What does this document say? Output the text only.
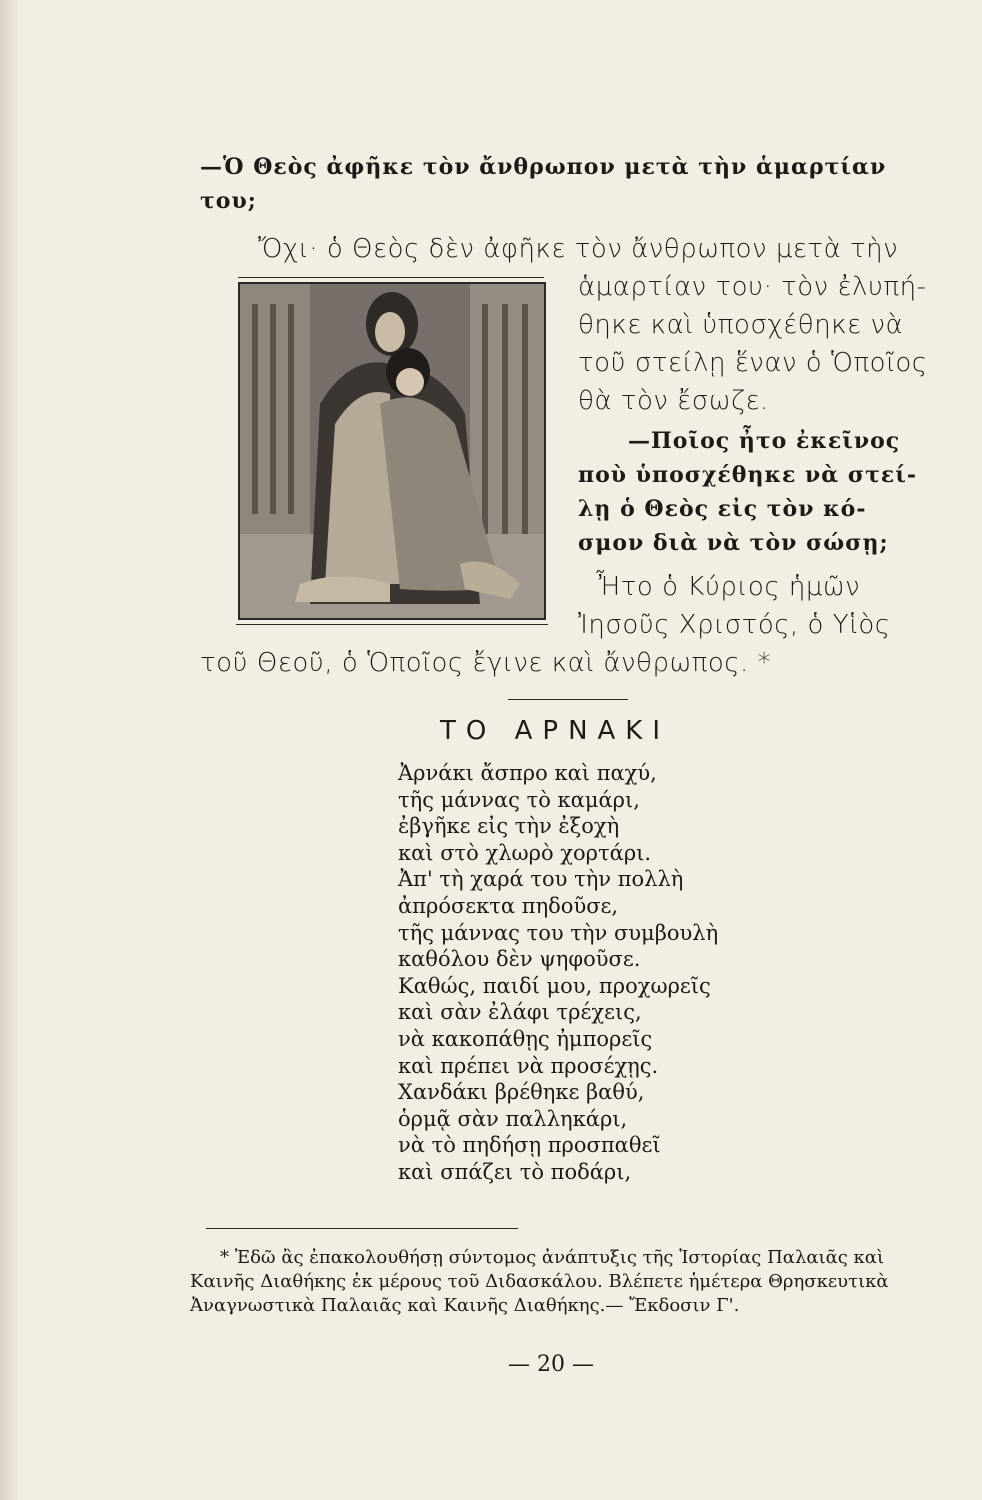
—Ὁ Θεὸς ἀφῆκε τὸν ἄνθρωπον μετὰ τὴν ἁμαρτίαν του;

Ὄχι· ὁ Θεὸς δὲν ἀφῆκε τὸν ἄνθρωπον μετὰ τὴν

ἁμαρτίαν του· τὸν ἐλυπή-

θηκε καὶ ὑποσχέθηκε νὰ

τοῦ στείλῃ ἕναν ὁ Ὁποῖος

θὰ τὸν ἔσωζε.

—Ποῖος ἦτο ἐκεῖνος

ποὺ ὑποσχέθηκε νὰ στεί-

λῃ ὁ Θεὸς εἰς τὸν κό-

σμον διὰ νὰ τὸν σώσῃ;

Ἦτο ὁ Κύριος ἡμῶν

Ἰησοῦς Χριστός, ὁ Υἱὸς

τοῦ Θεοῦ, ὁ Ὁποῖος ἔγινε καὶ ἄνθρωπος. *

ΤΟ ΑΡΝΑΚΙ
Ἀρνάκι ἄσπρο καὶ παχύ,
τῆς μάννας τὸ καμάρι,
ἐβγῆκε εἰς τὴν ἐξοχὴ
καὶ στὸ χλωρὸ χορτάρι.
Ἀπ' τὴ χαρά του τὴν πολλὴ
ἀπρόσεκτα πηδοῦσε,
τῆς μάννας του τὴν συμβουλὴ
καθόλου δὲν ψηφοῦσε.
Καθώς, παιδί μου, προχωρεῖς
καὶ σὰν ἐλάφι τρέχεις,
νὰ κακοπάθῃς ἠμπορεῖς
καὶ πρέπει νὰ προσέχῃς.
Χανδάκι βρέθηκε βαθύ,
ὁρμᾷ σὰν παλληκάρι,
νὰ τὸ πηδήσῃ προσπαθεῖ
καὶ σπάζει τὸ ποδάρι,

* Ἐδῶ ἂς ἐπακολουθήσῃ σύντομος ἀνάπτυξις τῆς Ἱστορίας Παλαιᾶς καὶ Καινῆς Διαθήκης ἐκ μέρους τοῦ Διδασκάλου. Βλέπετε ἡμέτερα Θρησκευτικὰ Ἀναγνωστικὰ Παλαιᾶς καὶ Καινῆς Διαθήκης.— Ἔκδοσιν Γ'.

— 20 —
